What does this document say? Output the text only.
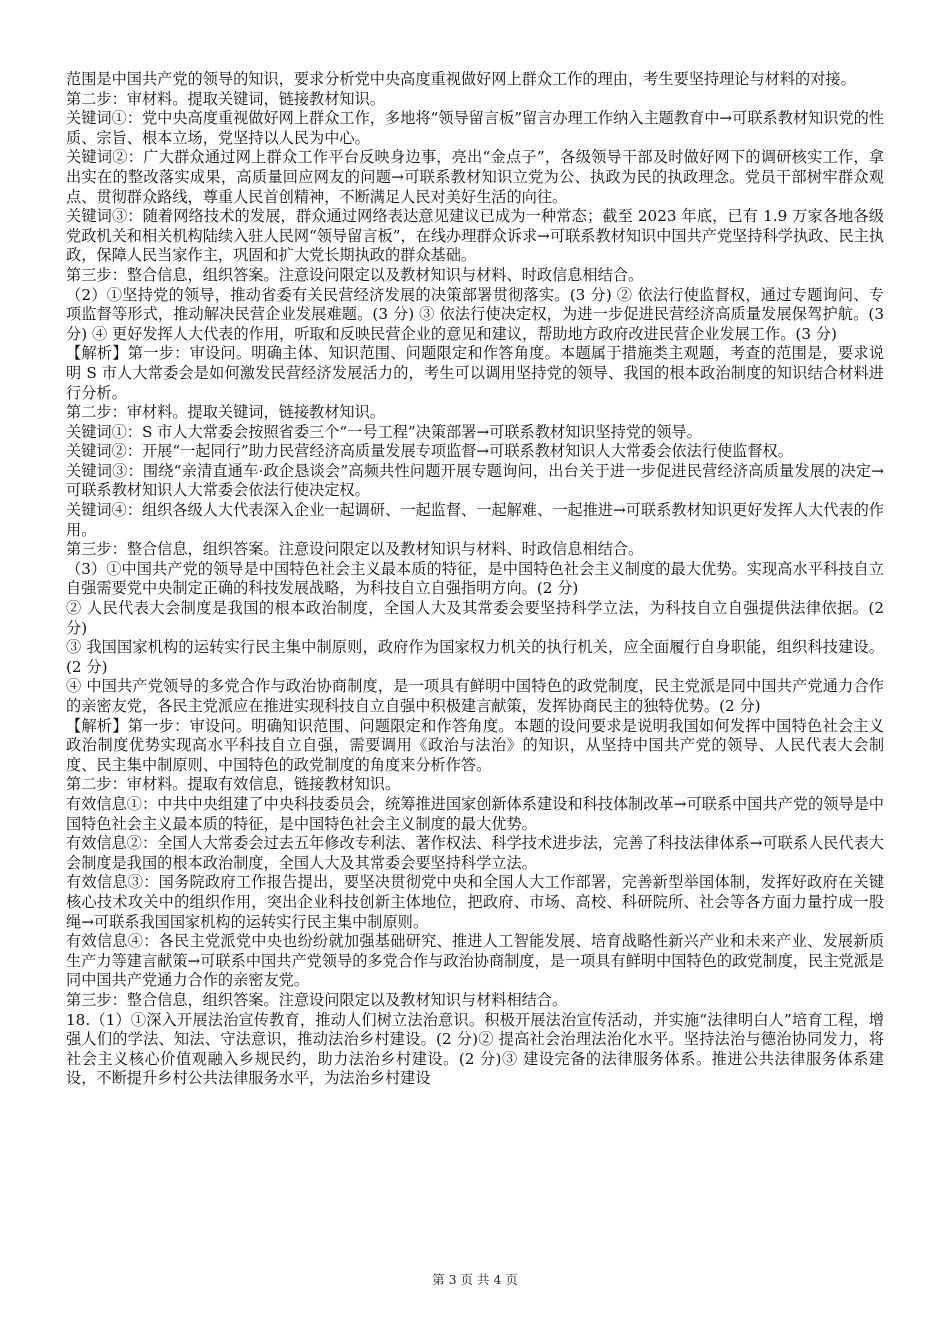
范围是中国共产党的领导的知识，要求分析党中央高度重视做好网上群众工作的理由，考生要坚持理论与材料的对接。

第二步：审材料。提取关键词，链接教材知识。

关键词①：党中央高度重视做好网上群众工作，多地将“领导留言板”留言办理工作纳入主题教育中→可联系教材知识党的性质、宗旨、根本立场，党坚持以人民为中心。

关键词②：广大群众通过网上群众工作平台反映身边事，亮出“金点子”，各级领导干部及时做好网下的调研核实工作，拿出实在的整改落实成果，高质量回应网友的问题→可联系教材知识立党为公、执政为民的执政理念。党员干部树牢群众观点、贯彻群众路线，尊重人民首创精神，不断满足人民对美好生活的向往。

关键词③：随着网络技术的发展，群众通过网络表达意见建议已成为一种常态；截至 2023 年底，已有 1.9 万家各地各级党政机关和相关机构陆续入驻人民网“领导留言板”，在线办理群众诉求→可联系教材知识中国共产党坚持科学执政、民主执政，保障人民当家作主，巩固和扩大党长期执政的群众基础。

第三步：整合信息，组织答案。注意设问限定以及教材知识与材料、时政信息相结合。

（2）①坚持党的领导，推动省委有关民营经济发展的决策部署贯彻落实。(3 分) ② 依法行使监督权，通过专题询问、专项监督等形式，推动解决民营企业发展难题。(3 分) ③ 依法行使决定权，为进一步促进民营经济高质量发展保驾护航。(3 分) ④ 更好发挥人大代表的作用，听取和反映民营企业的意见和建议，帮助地方政府改进民营企业发展工作。(3 分)

【解析】第一步：审设问。明确主体、知识范围、问题限定和作答角度。本题属于措施类主观题，考查的范围是，要求说明 S 市人大常委会是如何激发民营经济发展活力的，考生可以调用坚持党的领导、我国的根本政治制度的知识结合材料进行分析。

第二步：审材料。提取关键词，链接教材知识。

关键词①：S 市人大常委会按照省委三个“一号工程”决策部署→可联系教材知识坚持党的领导。

关键词②：开展“一起同行”助力民营经济高质量发展专项监督→可联系教材知识人大常委会依法行使监督权。

关键词③：围绕“亲清直通车·政企恳谈会”高频共性问题开展专题询问，出台关于进一步促进民营经济高质量发展的决定→可联系教材知识人大常委会依法行使决定权。

关键词④：组织各级人大代表深入企业一起调研、一起监督、一起解难、一起推进→可联系教材知识更好发挥人大代表的作用。

第三步：整合信息，组织答案。注意设问限定以及教材知识与材料、时政信息相结合。

（3）①中国共产党的领导是中国特色社会主义最本质的特征，是中国特色社会主义制度的最大优势。实现高水平科技自立自强需要党中央制定正确的科技发展战略，为科技自立自强指明方向。(2 分)

② 人民代表大会制度是我国的根本政治制度，全国人大及其常委会要坚持科学立法，为科技自立自强提供法律依据。(2 分)

③ 我国国家机构的运转实行民主集中制原则，政府作为国家权力机关的执行机关，应全面履行自身职能，组织科技建设。(2 分)

④ 中国共产党领导的多党合作与政治协商制度，是一项具有鲜明中国特色的政党制度，民主党派是同中国共产党通力合作的亲密友党，各民主党派应在推进实现科技自立自强中积极建言献策，发挥协商民主的独特优势。(2 分)

【解析】第一步：审设问。明确知识范围、问题限定和作答角度。本题的设问要求是说明我国如何发挥中国特色社会主义政治制度优势实现高水平科技自立自强，需要调用《政治与法治》的知识，从坚持中国共产党的领导、人民代表大会制度、民主集中制原则、中国特色的政党制度的角度来分析作答。

第二步：审材料。提取有效信息，链接教材知识。

有效信息①：中共中央组建了中央科技委员会，统筹推进国家创新体系建设和科技体制改革→可联系中国共产党的领导是中国特色社会主义最本质的特征，是中国特色社会主义制度的最大优势。

有效信息②：全国人大常委会过去五年修改专利法、著作权法、科学技术进步法，完善了科技法律体系→可联系人民代表大会制度是我国的根本政治制度，全国人大及其常委会要坚持科学立法。

有效信息③：国务院政府工作报告提出，要坚决贯彻党中央和全国人大工作部署，完善新型举国体制，发挥好政府在关键核心技术攻关中的组织作用，突出企业科技创新主体地位，把政府、市场、高校、科研院所、社会等各方面力量拧成一股绳→可联系我国国家机构的运转实行民主集中制原则。

有效信息④：各民主党派党中央也纷纷就加强基础研究、推进人工智能发展、培育战略性新兴产业和未来产业、发展新质生产力等建言献策→可联系中国共产党领导的多党合作与政治协商制度，是一项具有鲜明中国特色的政党制度，民主党派是同中国共产党通力合作的亲密友党。

第三步：整合信息，组织答案。注意设问限定以及教材知识与材料相结合。

18.（1）①深入开展法治宣传教育，推动人们树立法治意识。积极开展法治宣传活动，并实施“法律明白人”培育工程，增强人们的学法、知法、守法意识，推动法治乡村建设。(2 分)② 提高社会治理法治化水平。坚持法治与德治协同发力，将社会主义核心价值观融入乡规民约，助力法治乡村建设。(2 分)③ 建设完备的法律服务体系。推进公共法律服务体系建设，不断提升乡村公共法律服务水平，为法治乡村建设

第 3 页 共 4 页
